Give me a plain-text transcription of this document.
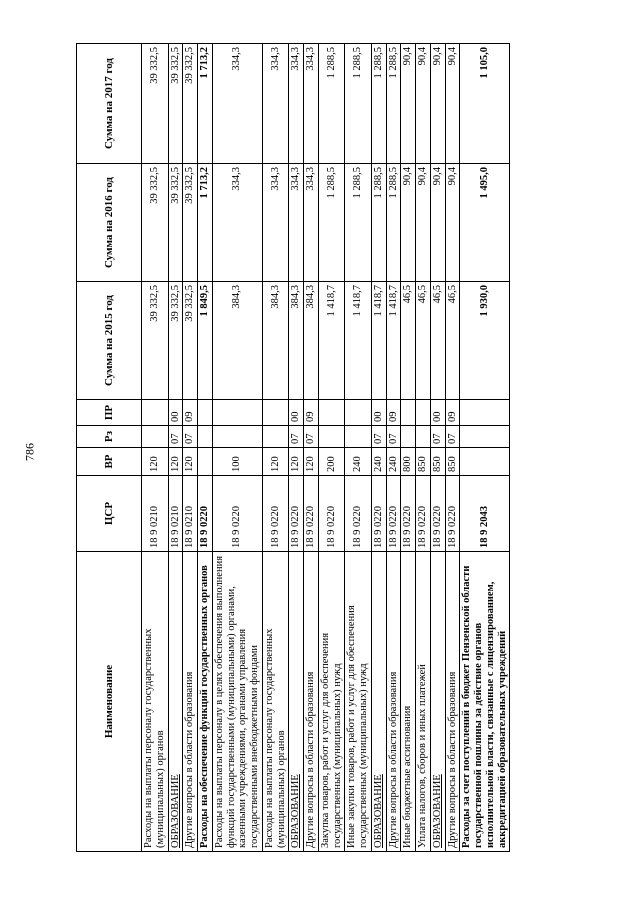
786
Наименование	ЦСР	ВР	Рз	ПР	Сумма на 2015 год	Сумма на 2016 год	Сумма на 2017 год
Расходы на выплаты персоналу государственных (муниципальных) органов	18 9 0210	120			39 332,5	39 332,5	39 332,5
ОБРАЗОВАНИЕ	18 9 0210	120	07	00	39 332,5	39 332,5	39 332,5
Другие вопросы в области образования	18 9 0210	120	07	09	39 332,5	39 332,5	39 332,5
Расходы на обеспечение функций государственных органов	18 9 0220				1 849,5	1 713,2	1 713,2
Расходы на выплаты персоналу в целях обеспечения выполнения функций государственными (муниципальными) органами, казенными учреждениями, органами управления государственными внебюджетными фондами	18 9 0220	100			384,3	334,3	334,3
Расходы на выплаты персоналу государственных (муниципальных) органов	18 9 0220	120			384,3	334,3	334,3
ОБРАЗОВАНИЕ	18 9 0220	120	07	00	384,3	334,3	334,3
Другие вопросы в области образования	18 9 0220	120	07	09	384,3	334,3	334,3
Закупка товаров, работ и услуг для обеспечения государственных (муниципальных) нужд	18 9 0220	200			1 418,7	1 288,5	1 288,5
Иные закупки товаров, работ и услуг для обеспечения государственных (муниципальных) нужд	18 9 0220	240			1 418,7	1 288,5	1 288,5
ОБРАЗОВАНИЕ	18 9 0220	240	07	00	1 418,7	1 288,5	1 288,5
Другие вопросы в области образования	18 9 0220	240	07	09	1 418,7	1 288,5	1 288,5
Иные бюджетные ассигнования	18 9 0220	800			46,5	90,4	90,4
Уплата налогов, сборов и иных платежей	18 9 0220	850			46,5	90,4	90,4
ОБРАЗОВАНИЕ	18 9 0220	850	07	00	46,5	90,4	90,4
Другие вопросы в области образования	18 9 0220	850	07	09	46,5	90,4	90,4
Расходы за счет поступлений в бюджет Пензенской области государственной пошлины за действие органов исполнительной власти, связанные с лицензированием, аккредитацией образовательных учреждений	18 9 2043				1 930,0	1 495,0	1 105,0
